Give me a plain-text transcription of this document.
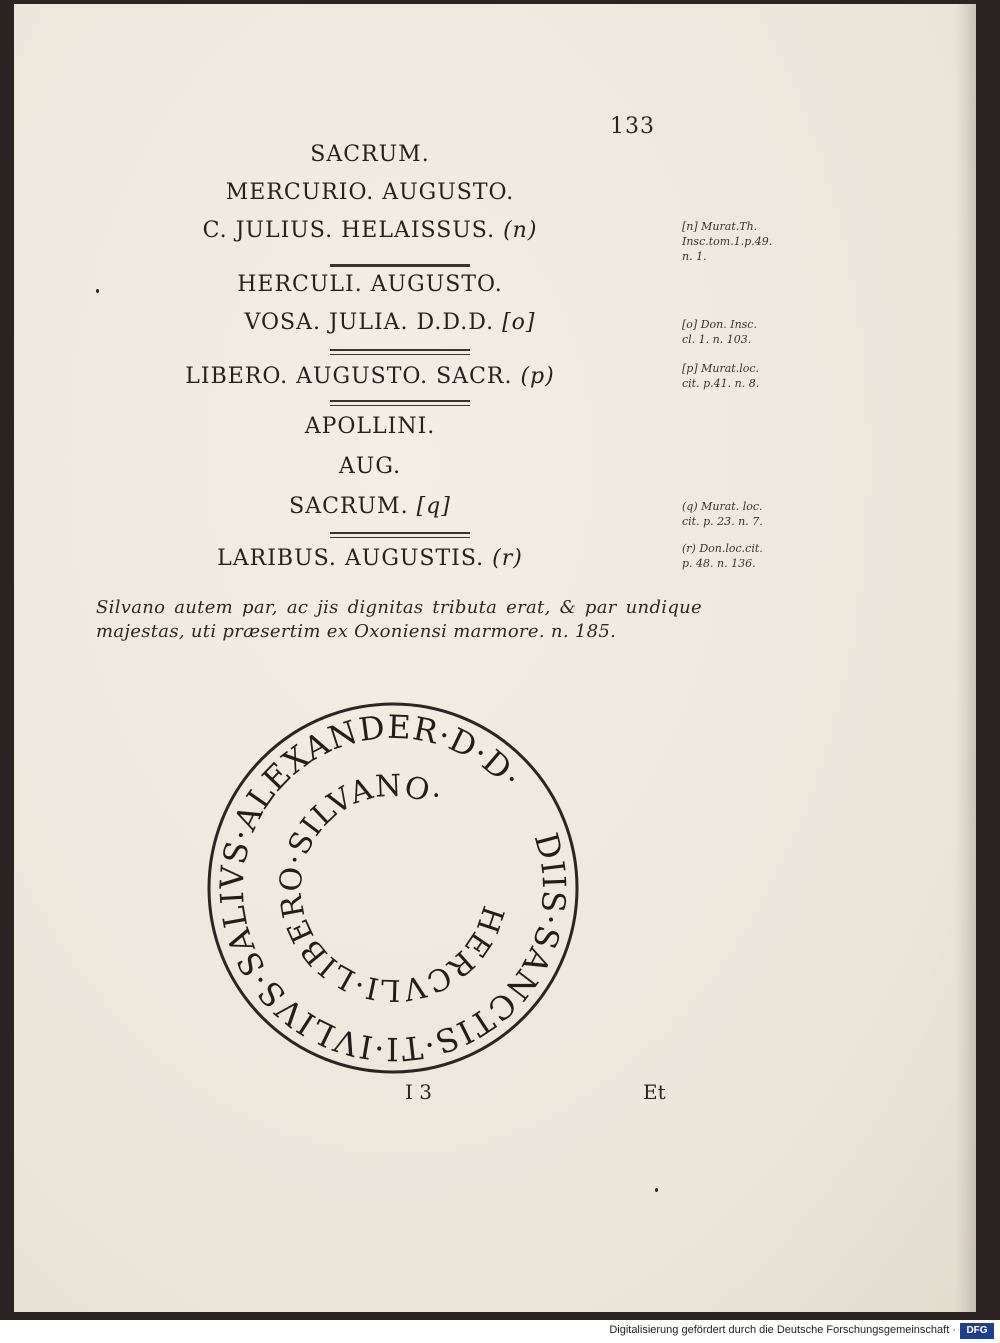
133
SACRUM.
MERCURIO. AUGUSTO.
C. JULIUS. HELAISSUS. (n)
HERCULI. AUGUSTO.
VOSA. JULIA. D.D.D. [o]
LIBERO. AUGUSTO. SACR. (p)
APOLLINI.
AUG.
SACRUM. [q]
LARIBUS. AUGUSTIS. (r)
[n] Murat.Th.
Insc.tom.1.p.49.
n. 1.
[o] Don. Insc.
cl. 1. n. 103.
[p] Murat.loc.
cit. p.41. n. 8.
(q) Murat. loc.
cit. p. 23. n. 7.
(r) Don.loc.cit.
p. 48. n. 136.
Silvano autem par, ac jis dignitas tributa erat, & par undique majestas, uti præsertim ex Oxoniensi marmore. n. 185.
DIIS·SANCTIS·TI·IVLIVS·SALIVS·ALEXANDER·D·D·
HERCVLI·LIBERO·SILVANO·
I 3	Et
Digitalisierung gefördert durch die Deutsche Forschungsgemeinschaft ·	DFG
